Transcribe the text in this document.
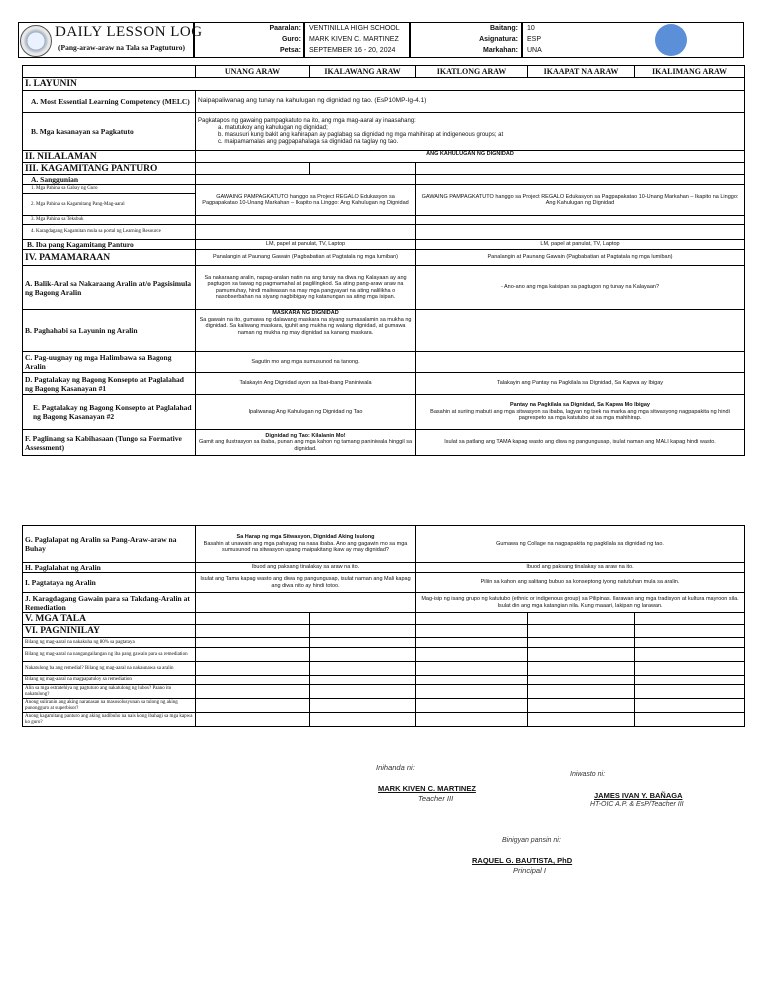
DAILY LESSON LOG
(Pang-araw-araw na Tala sa Pagtuturo)
Paaralan:
Guro:
Petsa:
VENTINILLA HIGH SCHOOL
MARK KIVEN C. MARTINEZ
SEPTEMBER 16 - 20, 2024
Baitang:
Asignatura:
Markahan:
10
ESP
UNA
	UNANG ARAW	IKALAWANG ARAW	IKATLONG ARAW	IKAAPAT NA ARAW	IKALIMANG ARAW
I. LAYUNIN					
A. Most Essential Learning Competency (MELC)	Naipapaliwanag ang tunay na kahulugan ng dignidad ng tao. (EsP10MP-Ig-4.1)				
B. Mga kasanayan sa Pagkatuto	Pagkatapos ng gawaing pampagkatuto na ito, ang mga mag-aaral ay inaasahang:
a. matutukoy ang kahulugan ng dignidad;
b. masusuri kung bakit ang kahirapan ay paglabag sa dignidad ng mga mahihirap at indigeneous groups; at
c. maipamamalas ang pagpapahalaga sa dignidad na taglay ng tao.				

II. NILALAMAN	ANG KAHULUGAN NG DIGNIDAD				
III. KAGAMITANG PANTURO					
A. Sanggunian					
1. Mga Pahina sa Gabay ng Guro	GAWAING PAMPAGKATUTO hanggo sa Project REGALO Edukasyon sa Pagpapakatao 10-Unang Markahan – Ikapito na Linggo: Ang Kahulugan ng Dignidad		GAWAING PAMPAGKATUTO hanggo sa Project REGALO Edukasyon sa Pagpapakatao 10-Unang Markahan – Ikapito na Linggo: Ang Kahulugan ng Dignidad		
2. Mga Pahina sa Kagamitang Pang-Mag-aaral					
3. Mga Pahina sa Teksbuk					
4. Karagdagang Kagamitan mula sa portal ng Learning Resource					
B. Iba pang Kagamitang Panturo	LM, papel at panulat, TV, Laptop		LM, papel at panulat, TV, Laptop		
IV. PAMAMARAAN	Panalangin at Paunang Gawain (Pagbabatian at Pagtatala ng mga lumiban)		Panalangin at Paunang Gawain (Pagbabatian at Pagtatala ng mga lumiban)		
A. Balik-Aral sa Nakaraang Aralin at/o Pagsisimula ng Bagong Aralin	Sa nakaraang aralin, napag-aralan natin na ang tunay na diwa ng Kalayaan ay ang pagtugon sa tawag ng pagmamahal at paglilingkod. Sa ating pang-araw araw na pamumuhay, hindi maiiwasan na may mga pangyayari na ating nalilikha o nasobserbahan na siyang nagbibigay ng katanungan sa ating mga isipan.		- Ano-ano ang mga kaisipan sa pagtugon ng tunay na Kalayaan?		
B. Paghahabi sa Layunin ng Aralin	MASKARA NG DIGNIDAD
Sa gawain na ito, gumawa ng dalawang maskara na siyang sumasalamin sa mukha ng dignidad. Sa kaliwang maskara, iguhit ang mukha ng walang dignidad, at gumawa naman ng mukha ng may dignidad sa kanang maskara.				

C. Pag-uugnay ng mga Halimbawa sa Bagong Aralin	Sagutin mo ang mga sumusunod na tanong.				
D. Pagtalakay ng Bagong Konsepto at Paglalahad ng Bagong Kasanayan #1	Talakayin Ang Dignidad ayon sa Ibat-ibang Paniniwala		Talakayin ang Pantay na Pagkilala sa Dignidad, Sa Kapwa ay Ibigay		
E. Pagtalakay ng Bagong Konsepto at Paglalahad ng Bagong Kasanayan #2	Ipaliwanag Ang Kahulugan ng Dignidad ng Tao		Pantay na Pagkilala sa Dignidad, Sa Kapwa Mo Ibigay
Basahin at suriing mabuti ang mga sitwasyon sa ibaba, lagyan ng tsek na marka ang mga sitwasyong nagpapakita ng hindi pagrespeto sa mga katutubo at sa mga mahihirap.		

F. Paglinang sa Kabihasaan (Tungo sa Formative Assessment)	Dignidad ng Tao: Kilalanin Mo!
Gamit ang ilustrasyon sa ibaba, punan ang mga kahon ng tamang paniniwala hinggil sa dignidad.		Isulat sa patlang ang TAMA kapag wasto ang diwa ng pangungusap, isulat naman ang MALI kapag hindi wasto.		
G. Paglalapat ng Aralin sa Pang-Araw-araw na Buhay	Sa Harap ng mga Sitwasyon, Dignidad Aking Isulong
Basahin at unawain ang mga pahayag na nasa ibaba. Ano ang gagawin mo sa mga sumusunod na sitwasyon upang maipakitang ikaw ay may dignidad?		Gumawa ng Collage na nagpapakita ng pagkilala sa dignidad ng tao.		
H. Paglalahat ng Aralin	Ibuod ang paksang tinalakay sa araw na ito.		Ibuod ang paksang tinalakay sa araw na ito.		
I. Pagtataya ng Aralin	Isulat ang Tama kapag wasto ang diwa ng pangungusap, isulat naman ang Mali kapag ang diwa nito ay hindi totoo.		Piliin sa kahon ang salitang bubuo sa konseptong iyong natutuhan mula sa aralin.		
J. Karagdagang Gawain para sa Takdang-Aralin at Remediation			Mag-isip ng isang grupo ng katutubo (ethnic or indigenous group) sa Pilipinas. Ilarawan ang mga tradisyon at kultura mayroon sila. Isulat din ang mga katangian nila. Kung maaari, lakipan ng larawan.		
V. MGA TALA					
VI. PAGNINILAY					
Bilang ng mag-aaral na nakakuha ng 80% sa pagtataya					
Bilang ng mag-aaral na nangangailangan ng iba pang gawain para sa remediation					
Nakatulong ba ang remedial? Bilang ng mag-aaral na nakaunawa sa aralin					
Bilang ng mag-aaral na magpapatuloy sa remediation					
Alin sa mga estratehiya ng pagtuturo ang nakatulong ng lubos? Paano ito nakatulong?					
Anong suliranin ang aking naranasan na masosolusyunan sa tulong ng aking punongguro at superbisor?					
Anong kagamitang panturo ang aking nadibuho na nais kong ibahagi sa mga kapwa ko guro?					
Inihanda ni:
MARK KIVEN C. MARTINEZ
Teacher III
Iniwasto ni:
JAMES IVAN Y. BAÑAGA
HT-OIC A.P. & EsP/Teacher III
Binigyan pansin ni:
RAQUEL G. BAUTISTA, PhD
Principal I
